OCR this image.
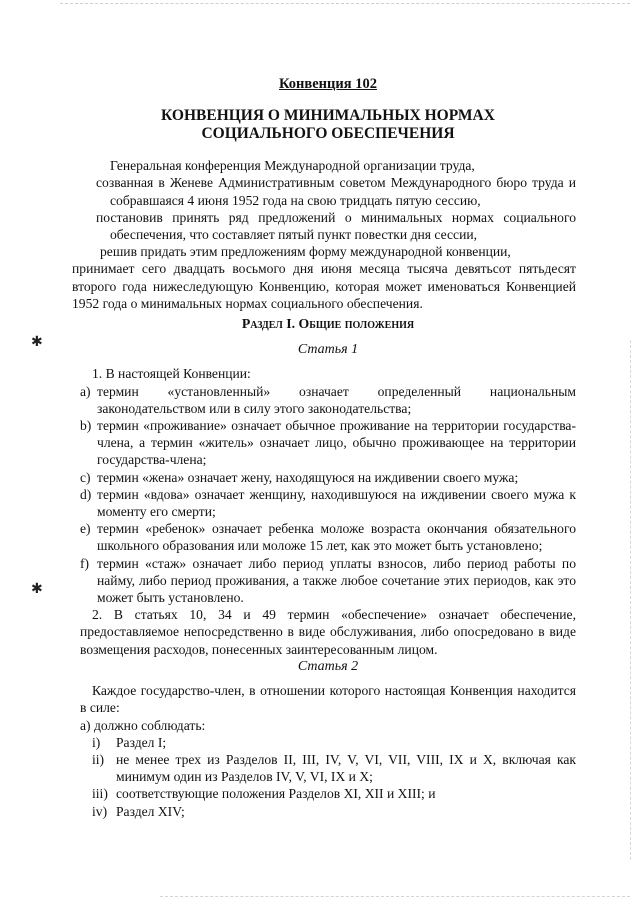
✱
✱
Конвенция 102
КОНВЕНЦИЯ О МИНИМАЛЬНЫХ НОРМАХ
СОЦИАЛЬНОГО ОБЕСПЕЧЕНИЯ

Генеральная конференция Международной организации труда,

созванная в Женеве Административным советом Международного бюро труда и собравшаяся 4 июня 1952 года на свою тридцать пятую сессию,

постановив принять ряд предложений о минимальных нормах социального обеспечения, что составляет пятый пункт повестки дня сессии,

решив придать этим предложениям форму международной конвенции,

принимает сего двадцать восьмого дня июня месяца тысяча девятьсот пятьдесят второго года нижеследующую Конвенцию, которая может именоваться Конвенцией 1952 года о минимальных нормах социального обеспечения.

Раздел I. Общие положения
Статья 1

1. В настоящей Конвенции:

a) термин «установленный» означает определенный национальным законодательством или в силу этого законодательства;
b) термин «проживание» означает обычное проживание на территории государства-члена, а термин «житель» означает лицо, обычно проживающее на территории государства-члена;
c) термин «жена» означает жену, находящуюся на иждивении своего мужа;
d) термин «вдова» означает женщину, находившуюся на иждивении своего мужа к моменту его смерти;
e) термин «ребенок» означает ребенка моложе возраста окончания обязательного школьного образования или моложе 15 лет, как это может быть установлено;
f) термин «стаж» означает либо период уплаты взносов, либо период работы по найму, либо период проживания, а также любое сочетание этих периодов, как это может быть установлено.

2. В статьях 10, 34 и 49 термин «обеспечение» означает обеспечение, предоставляемое непосредственно в виде обслуживания, либо опосредовано в виде возмещения расходов, понесенных заинтересованным лицом.

Статья 2

Каждое государство-член, в отношении которого настоящая Конвенция находится в силе:

а) должно соблюдать:

i) Раздел I;
ii) не менее трех из Разделов II, III, IV, V, VI, VII, VIII, IX и X, включая как минимум один из Разделов IV, V, VI, IX и X;
iii) соответствующие положения Разделов XI, XII и XIII; и
iv) Раздел XIV;
